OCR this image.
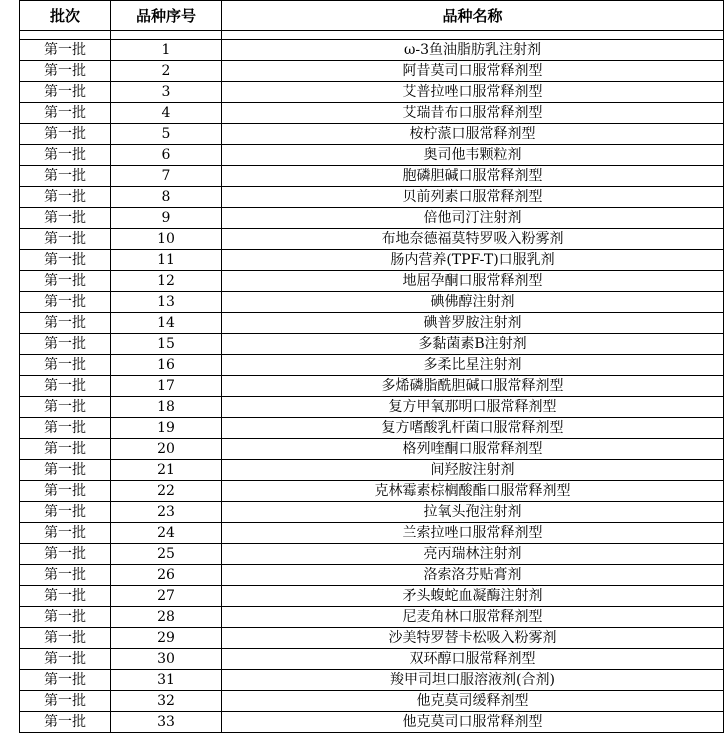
批次	品种序号	品种名称
第一批	1	ω-3鱼油脂肪乳注射剂
第一批	2	阿昔莫司口服常释剂型
第一批	3	艾普拉唑口服常释剂型
第一批	4	艾瑞昔布口服常释剂型
第一批	5	桉柠蒎口服常释剂型
第一批	6	奥司他韦颗粒剂
第一批	7	胞磷胆碱口服常释剂型
第一批	8	贝前列素口服常释剂型
第一批	9	倍他司汀注射剂
第一批	10	布地奈德福莫特罗吸入粉雾剂
第一批	11	肠内营养(TPF-T)口服乳剂
第一批	12	地屈孕酮口服常释剂型
第一批	13	碘佛醇注射剂
第一批	14	碘普罗胺注射剂
第一批	15	多黏菌素B注射剂
第一批	16	多柔比星注射剂
第一批	17	多烯磷脂酰胆碱口服常释剂型
第一批	18	复方甲氧那明口服常释剂型
第一批	19	复方嗜酸乳杆菌口服常释剂型
第一批	20	格列喹酮口服常释剂型
第一批	21	间羟胺注射剂
第一批	22	克林霉素棕榈酸酯口服常释剂型
第一批	23	拉氧头孢注射剂
第一批	24	兰索拉唑口服常释剂型
第一批	25	亮丙瑞林注射剂
第一批	26	洛索洛芬贴膏剂
第一批	27	矛头蝮蛇血凝酶注射剂
第一批	28	尼麦角林口服常释剂型
第一批	29	沙美特罗替卡松吸入粉雾剂
第一批	30	双环醇口服常释剂型
第一批	31	羧甲司坦口服溶液剂(合剂)
第一批	32	他克莫司缓释剂型
第一批	33	他克莫司口服常释剂型
